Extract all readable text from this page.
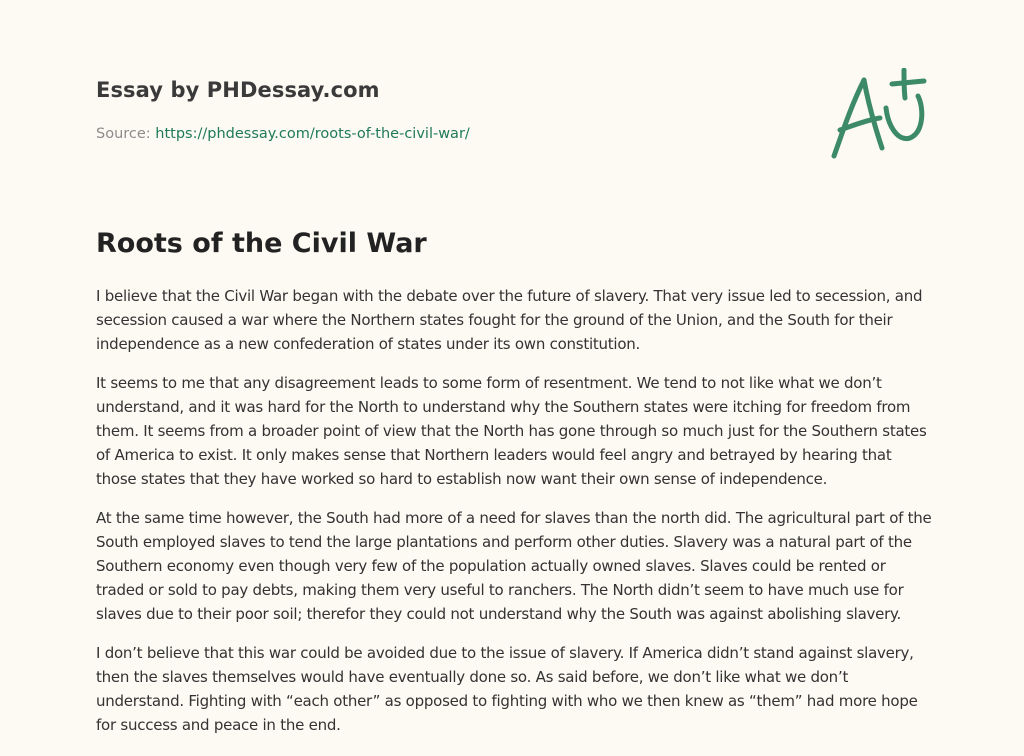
Essay by PHDessay.com
Source: https://phdessay.com/roots-of-the-civil-war/
Roots of the Civil War

I believe that the Civil War began with the debate over the future of slavery. That very issue led to secession, and secession caused a war where the Northern states fought for the ground of the Union, and the South for their independence as a new confederation of states under its own constitution.

It seems to me that any disagreement leads to some form of resentment. We tend to not like what we don’t understand, and it was hard for the North to understand why the Southern states were itching for freedom from them. It seems from a broader point of view that the North has gone through so much just for the Southern states of America to exist. It only makes sense that Northern leaders would feel angry and betrayed by hearing that those states that they have worked so hard to establish now want their own sense of independence.

At the same time however, the South had more of a need for slaves than the north did. The agricultural part of the South employed slaves to tend the large plantations and perform other duties. Slavery was a natural part of the Southern economy even though very few of the population actually owned slaves. Slaves could be rented or traded or sold to pay debts, making them very useful to ranchers. The North didn’t seem to have much use for slaves due to their poor soil; therefor they could not understand why the South was against abolishing slavery.

I don’t believe that this war could be avoided due to the issue of slavery. If America didn’t stand against slavery, then the slaves themselves would have eventually done so. As said before, we don’t like what we don’t understand. Fighting with “each other” as opposed to fighting with who we then knew as “them” had more hope for success and peace in the end.
